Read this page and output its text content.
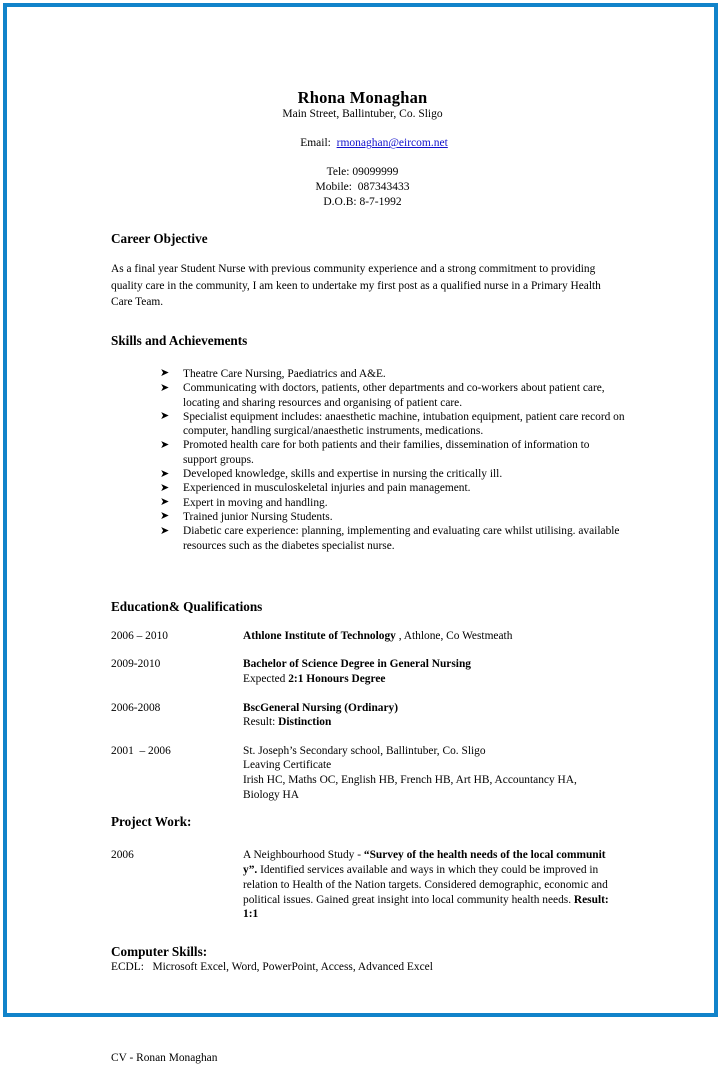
Rhona Monaghan
Main Street, Ballintuber, Co. Sligo

Email: rmonaghan@eircom.net

Tele: 09099999
Mobile:  087343433
D.O.B: 8-7-1992
Career Objective
As a final year Student Nurse with previous community experience and a strong commitment to providing quality care in the community, I am keen to undertake my first post as a qualified nurse in a Primary Health Care Team.
Skills and Achievements
➤ Theatre Care Nursing, Paediatrics and A&E.
➤ Communicating with doctors, patients, other departments and co-workers about patient care, locating and sharing resources and organising of patient care.
➤ Specialist equipment includes: anaesthetic machine, intubation equipment, patient care record on computer, handling surgical/anaesthetic instruments, medications.
➤ Promoted health care for both patients and their families, dissemination of information to support groups.
➤ Developed knowledge, skills and expertise in nursing the critically ill.
➤ Experienced in musculoskeletal injuries and pain management.
➤ Expert in moving and handling.
➤ Trained junior Nursing Students.
➤ Diabetic care experience: planning, implementing and evaluating care whilst utilising. available resources such as the diabetes specialist nurse.
Education& Qualifications
2006 – 2010	Athlone Institute of Technology , Athlone, Co Westmeath
2009-2010	Bachelor of Science Degree in General Nursing
Expected 2:1 Honours Degree
2006-2008	BscGeneral Nursing (Ordinary)
Result: Distinction
2001  – 2006	St. Joseph’s Secondary school, Ballintuber, Co. Sligo
Leaving Certificate
Irish HC, Maths OC, English HB, French HB, Art HB, Accountancy HA,
Biology HA
Project Work:
2006	A Neighbourhood Study - “Survey of the health needs of the local communit y”. Identified services available and ways in which they could be improved in relation to Health of the Nation targets. Considered demographic, economic and political issues. Gained great insight into local community health needs. Result: 1:1
Computer Skills:
ECDL:   Microsoft Excel, Word, PowerPoint, Access, Advanced Excel
CV - Ronan Monaghan
